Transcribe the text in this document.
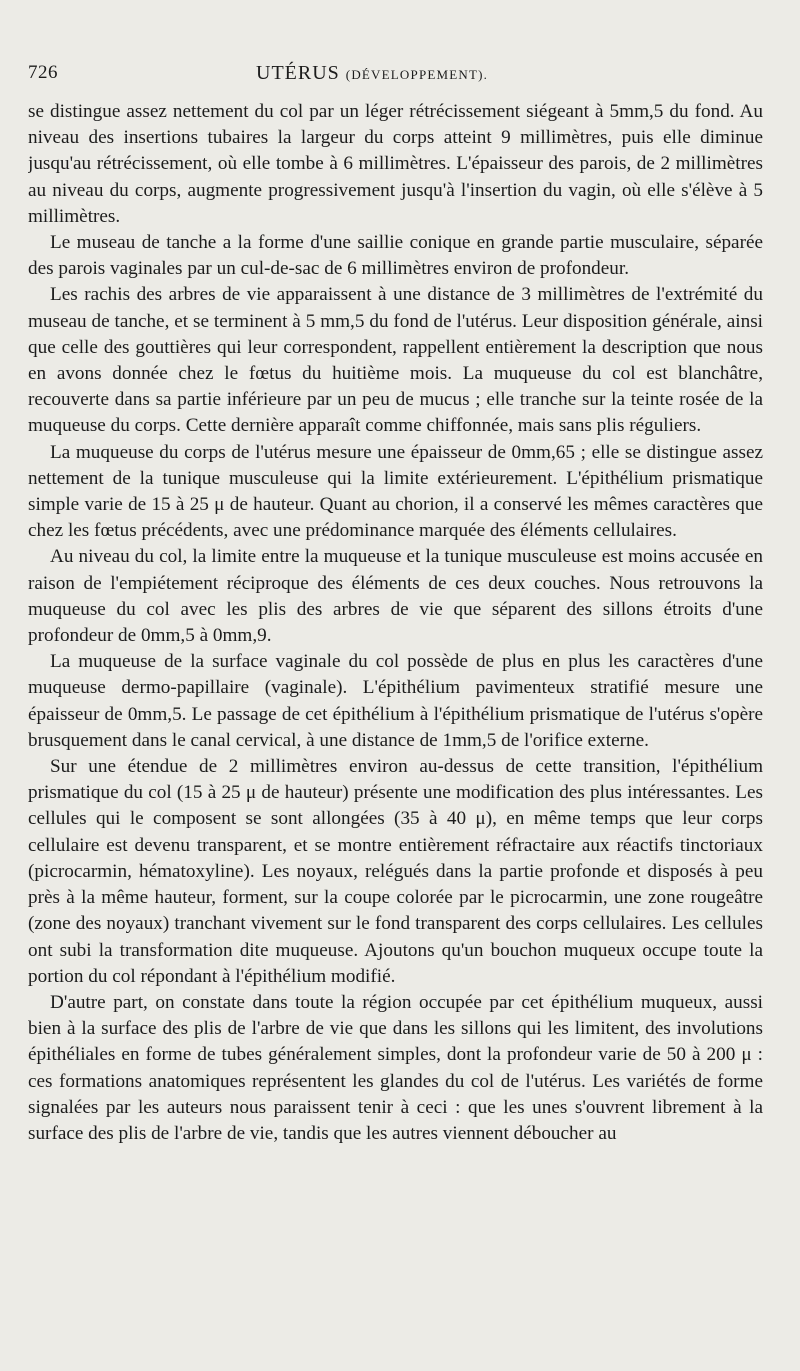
726	UTÉRUS (DÉVELOPPEMENT).

se distingue assez nettement du col par un léger rétrécissement siégeant à 5mm,5 du fond. Au niveau des insertions tubaires la largeur du corps atteint 9 millimètres, puis elle diminue jusqu'au rétrécissement, où elle tombe à 6 millimètres. L'épaisseur des parois, de 2 millimètres au niveau du corps, augmente progressivement jusqu'à l'insertion du vagin, où elle s'élève à 5 millimètres.

Le museau de tanche a la forme d'une saillie conique en grande partie musculaire, séparée des parois vaginales par un cul-de-sac de 6 millimètres environ de profondeur.

Les rachis des arbres de vie apparaissent à une distance de 3 millimètres de l'extrémité du museau de tanche, et se terminent à 5 mm,5 du fond de l'utérus. Leur disposition générale, ainsi que celle des gouttières qui leur correspondent, rappellent entièrement la description que nous en avons donnée chez le fœtus du huitième mois. La muqueuse du col est blanchâtre, recouverte dans sa partie inférieure par un peu de mucus ; elle tranche sur la teinte rosée de la muqueuse du corps. Cette dernière apparaît comme chiffonnée, mais sans plis réguliers.

La muqueuse du corps de l'utérus mesure une épaisseur de 0mm,65 ; elle se distingue assez nettement de la tunique musculeuse qui la limite extérieurement. L'épithélium prismatique simple varie de 15 à 25 μ de hauteur. Quant au chorion, il a conservé les mêmes caractères que chez les fœtus précédents, avec une prédominance marquée des éléments cellulaires.

Au niveau du col, la limite entre la muqueuse et la tunique musculeuse est moins accusée en raison de l'empiétement réciproque des éléments de ces deux couches. Nous retrouvons la muqueuse du col avec les plis des arbres de vie que séparent des sillons étroits d'une profondeur de 0mm,5 à 0mm,9.

La muqueuse de la surface vaginale du col possède de plus en plus les caractères d'une muqueuse dermo-papillaire (vaginale). L'épithélium pavimenteux stratifié mesure une épaisseur de 0mm,5. Le passage de cet épithélium à l'épithélium prismatique de l'utérus s'opère brusquement dans le canal cervical, à une distance de 1mm,5 de l'orifice externe.

Sur une étendue de 2 millimètres environ au-dessus de cette transition, l'épithélium prismatique du col (15 à 25 μ de hauteur) présente une modification des plus intéressantes. Les cellules qui le composent se sont allongées (35 à 40 μ), en même temps que leur corps cellulaire est devenu transparent, et se montre entièrement réfractaire aux réactifs tinctoriaux (picrocarmin, hématoxyline). Les noyaux, relégués dans la partie profonde et disposés à peu près à la même hauteur, forment, sur la coupe colorée par le picrocarmin, une zone rougeâtre (zone des noyaux) tranchant vivement sur le fond transparent des corps cellulaires. Les cellules ont subi la transformation dite muqueuse. Ajoutons qu'un bouchon muqueux occupe toute la portion du col répondant à l'épithélium modifié.

D'autre part, on constate dans toute la région occupée par cet épithélium muqueux, aussi bien à la surface des plis de l'arbre de vie que dans les sillons qui les limitent, des involutions épithéliales en forme de tubes généralement simples, dont la profondeur varie de 50 à 200 μ : ces formations anatomiques représentent les glandes du col de l'utérus. Les variétés de forme signalées par les auteurs nous paraissent tenir à ceci : que les unes s'ouvrent librement à la surface des plis de l'arbre de vie, tandis que les autres viennent déboucher au
